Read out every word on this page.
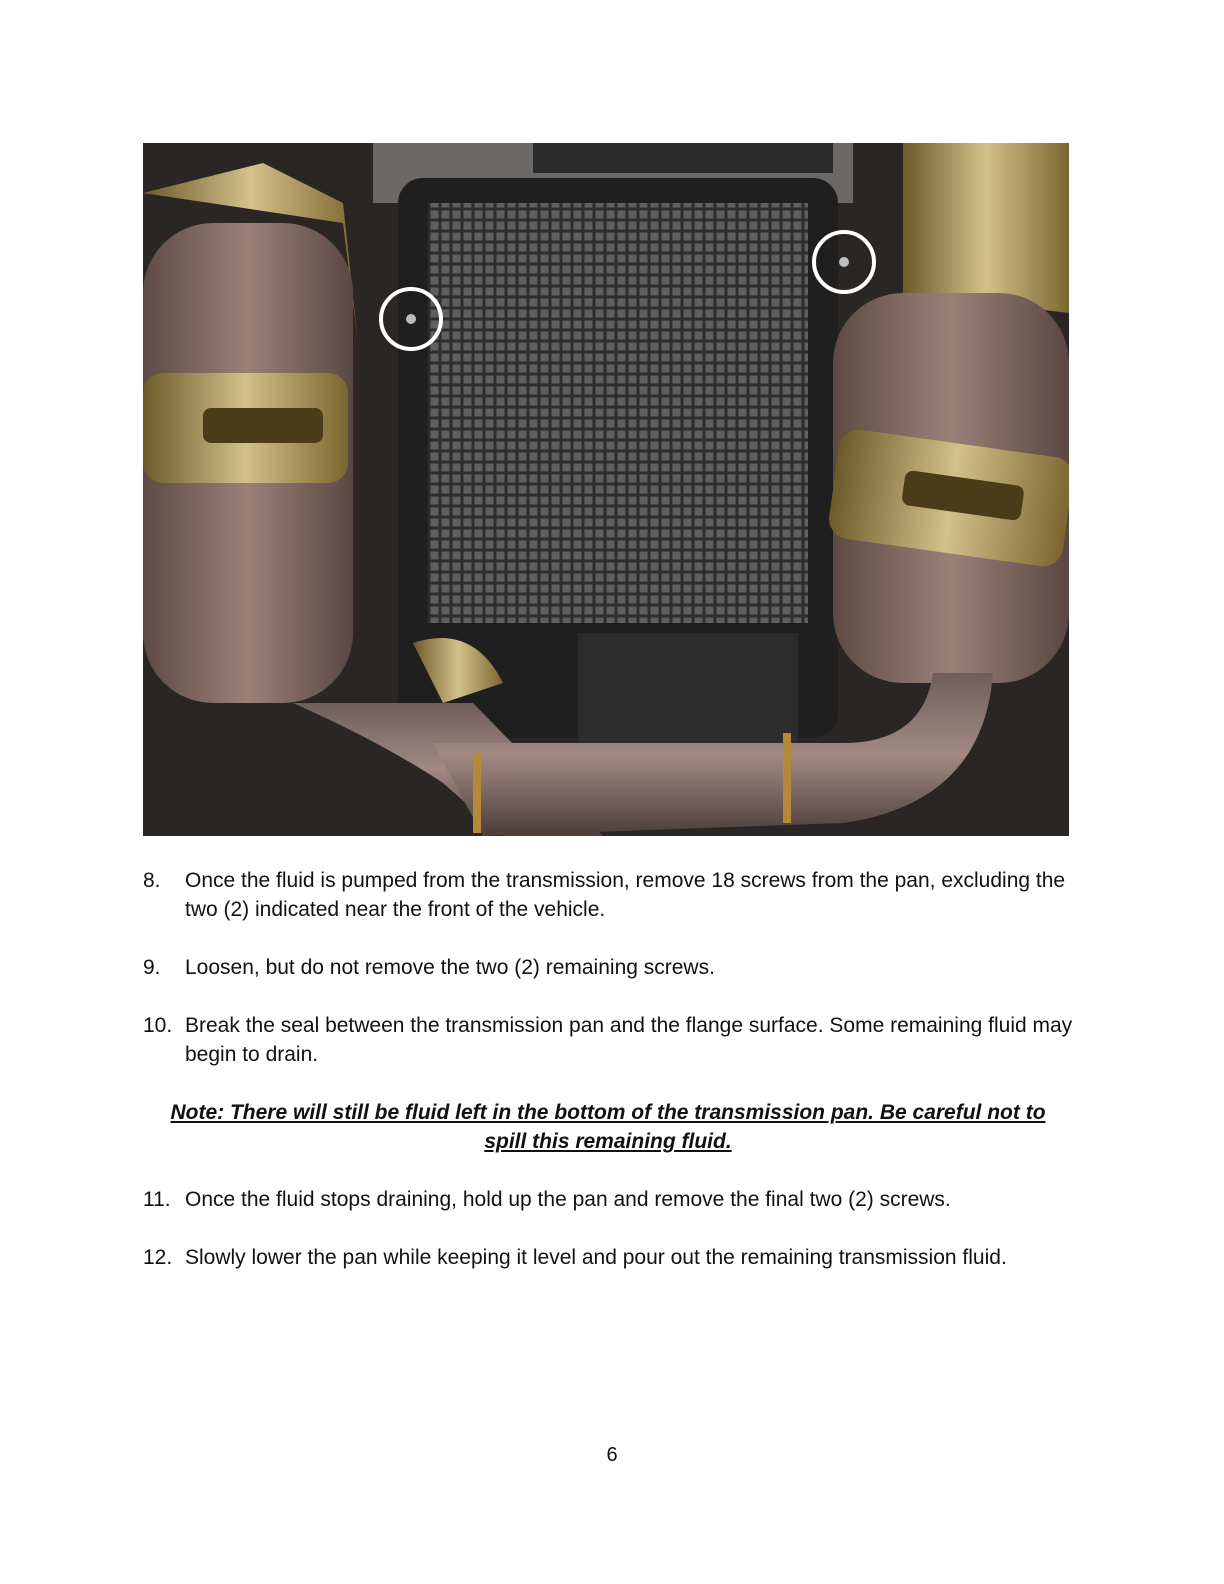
8. Once the fluid is pumped from the transmission, remove 18 screws from the pan, excluding the two (2) indicated near the front of the vehicle.
9. Loosen, but do not remove the two (2) remaining screws.
10. Break the seal between the transmission pan and the flange surface. Some remaining fluid may begin to drain.
Note: There will still be fluid left in the bottom of the transmission pan. Be careful not to spill this remaining fluid.
11. Once the fluid stops draining, hold up the pan and remove the final two (2) screws.
12. Slowly lower the pan while keeping it level and pour out the remaining transmission fluid.
6
